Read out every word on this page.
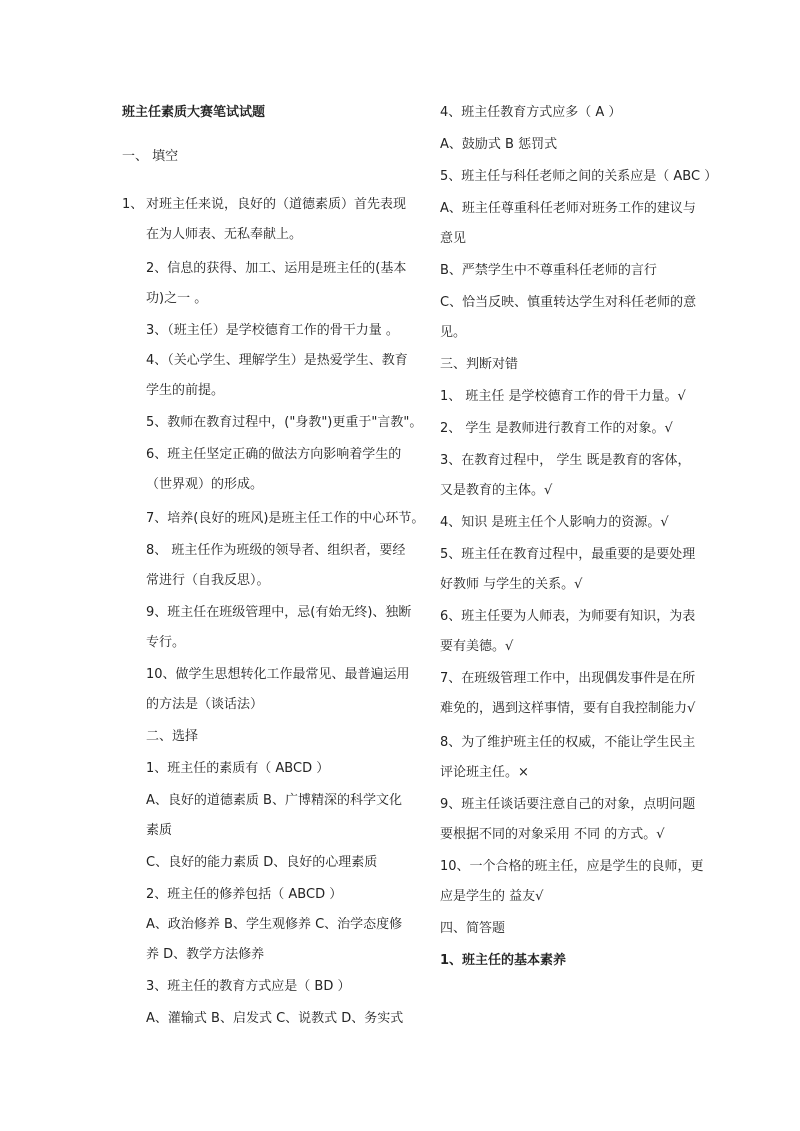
班主任素质大赛笔试试题
一、 填空
1、 对班主任来说，良好的（道德素质）首先表现
在为人师表、无私奉献上。
2、信息的获得、加工、运用是班主任的(基本
功)之一 。
3、（班主任）是学校德育工作的骨干力量 。
4、（关心学生、理解学生）是热爱学生、教育
学生的前提。
5、教师在教育过程中，("身教")更重于"言教"。
6、班主任坚定正确的做法方向影响着学生的
（世界观）的形成。
7、培养(良好的班风)是班主任工作的中心环节。
8、 班主任作为班级的领导者、组织者，要经
常进行（自我反思）。
9、班主任在班级管理中，忌(有始无终)、独断
专行。
10、做学生思想转化工作最常见、最普遍运用
的方法是（谈话法）
二、选择
1、班主任的素质有（ ABCD ）
A、良好的道德素质 B、广博精深的科学文化
素质
C、良好的能力素质 D、良好的心理素质
2、班主任的修养包括（ ABCD ）
A、政治修养 B、学生观修养 C、治学态度修
养 D、教学方法修养
3、班主任的教育方式应是（ BD ）
A、灌输式 B、启发式 C、说教式 D、务实式
4、班主任教育方式应多（ A ）
A、鼓励式 B 惩罚式
5、班主任与科任老师之间的关系应是（ ABC ）
A、班主任尊重科任老师对班务工作的建议与
意见
B、严禁学生中不尊重科任老师的言行
C、恰当反映、慎重转达学生对科任老师的意
见。
三、判断对错
1、 班主任 是学校德育工作的骨干力量。√
2、 学生 是教师进行教育工作的对象。√
3、在教育过程中， 学生 既是教育的客体，
又是教育的主体。√
4、知识 是班主任个人影响力的资源。√
5、班主任在教育过程中，最重要的是要处理
好教师 与学生的关系。√
6、班主任要为人师表，为师要有知识，为表
要有美德。√
7、在班级管理工作中，出现偶发事件是在所
难免的，遇到这样事情，要有自我控制能力√
8、为了维护班主任的权威，不能让学生民主
评论班主任。×
9、班主任谈话要注意自己的对象，点明问题
要根据不同的对象采用 不同 的方式。√
10、一个合格的班主任，应是学生的良师，更
应是学生的 益友√
四、简答题
1、班主任的基本素养
